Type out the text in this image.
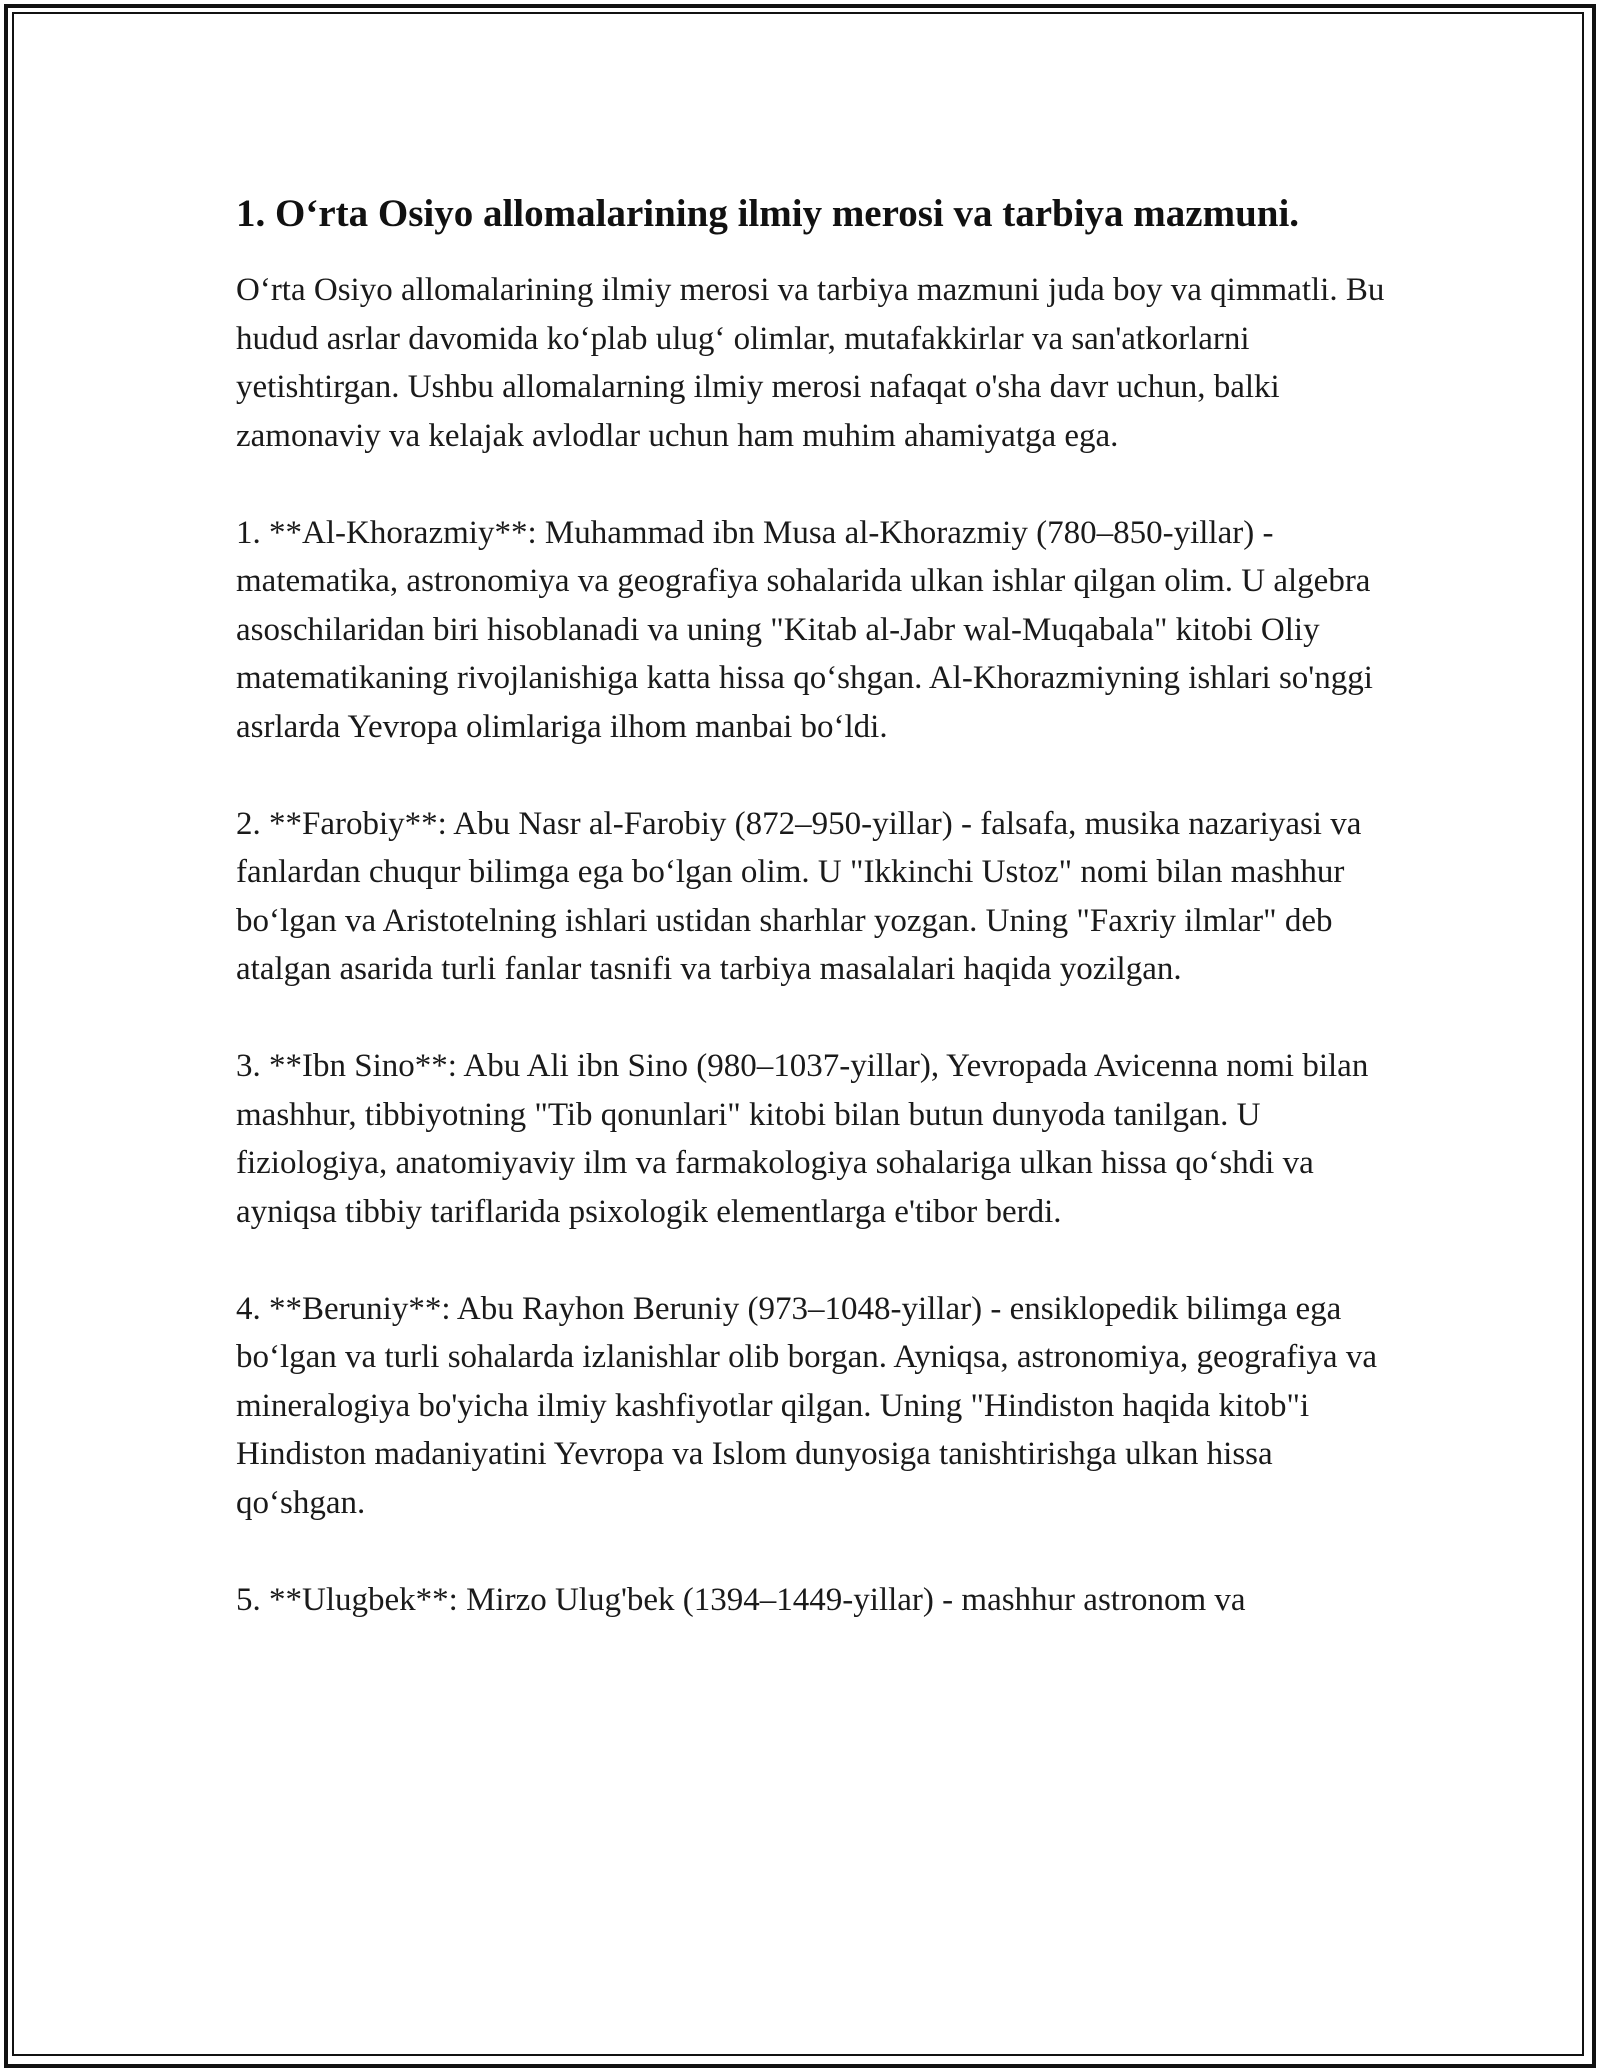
1. O‘rta Osiyo allomalarining ilmiy merosi va tarbiya mazmuni.

O‘rta Osiyo allomalarining ilmiy merosi va tarbiya mazmuni juda boy va qimmatli. Bu hudud asrlar davomida ko‘plab ulug‘ olimlar, mutafakkirlar va san'atkorlarni yetishtirgan. Ushbu allomalarning ilmiy merosi nafaqat o'sha davr uchun, balki zamonaviy va kelajak avlodlar uchun ham muhim ahamiyatga ega.

1. **Al-Khorazmiy**: Muhammad ibn Musa al-Khorazmiy (780–850-yillar) - matematika, astronomiya va geografiya sohalarida ulkan ishlar qilgan olim. U algebra asoschilaridan biri hisoblanadi va uning "Kitab al-Jabr wal-Muqabala" kitobi Oliy matematikaning rivojlanishiga katta hissa qo‘shgan. Al-Khorazmiyning ishlari so'nggi asrlarda Yevropa olimlariga ilhom manbai bo‘ldi.

2. **Farobiy**: Abu Nasr al-Farobiy (872–950-yillar) - falsafa, musika nazariyasi va fanlardan chuqur bilimga ega bo‘lgan olim. U "Ikkinchi Ustoz" nomi bilan mashhur bo‘lgan va Aristotelning ishlari ustidan sharhlar yozgan. Uning "Faxriy ilmlar" deb atalgan asarida turli fanlar tasnifi va tarbiya masalalari haqida yozilgan.

3. **Ibn Sino**: Abu Ali ibn Sino (980–1037-yillar), Yevropada Avicenna nomi bilan mashhur, tibbiyotning "Tib qonunlari" kitobi bilan butun dunyoda tanilgan. U fiziologiya, anatomiyaviy ilm va farmakologiya sohalariga ulkan hissa qo‘shdi va ayniqsa tibbiy tariflarida psixologik elementlarga e'tibor berdi.

4. **Beruniy**: Abu Rayhon Beruniy (973–1048-yillar) - ensiklopedik bilimga ega bo‘lgan va turli sohalarda izlanishlar olib borgan. Ayniqsa, astronomiya, geografiya va mineralogiya bo'yicha ilmiy kashfiyotlar qilgan. Uning "Hindiston haqida kitob"i Hindiston madaniyatini Yevropa va Islom dunyosiga tanishtirishga ulkan hissa qo‘shgan.

5. **Ulugbek**: Mirzo Ulug'bek (1394–1449-yillar) - mashhur astronom va
